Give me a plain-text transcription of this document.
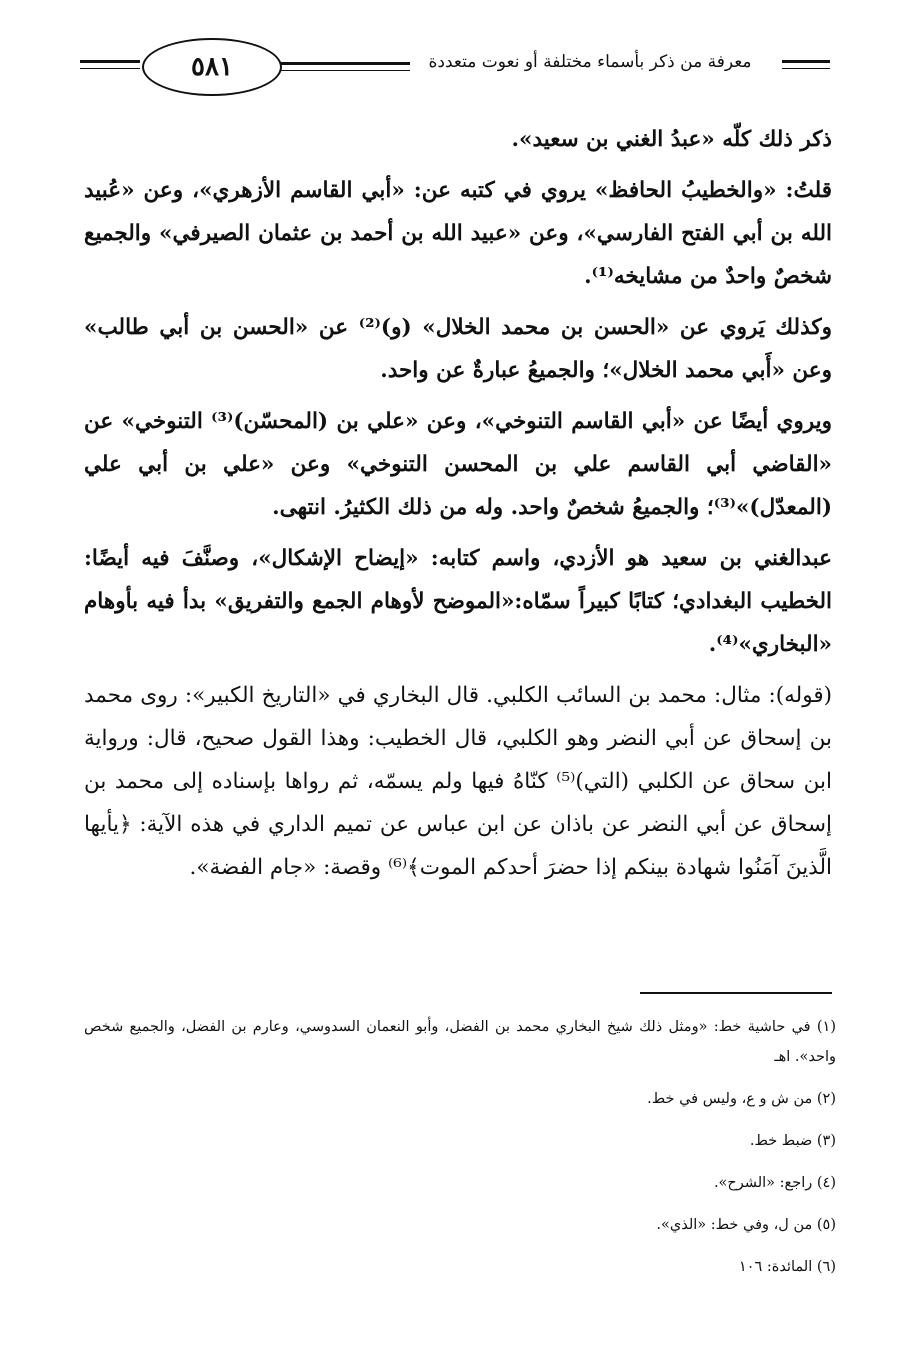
٥٨١	معرفة من ذكر بأسماء مختلفة أو نعوت متعددة

ذكر ذلك كلّه «عبدُ الغني بن سعيد».

قلتُ: «والخطيبُ الحافظ» يروي في كتبه عن: «أبي القاسم الأزهري»، وعن «عُبيد الله بن أبي الفتح الفارسي»، وعن «عبيد الله بن أحمد بن عثمان الصيرفي» والجميع شخصٌ واحدٌ من مشايخه⁽¹⁾.

وكذلك يَروي عن «الحسن بن محمد الخلال» (و)⁽²⁾ عن «الحسن بن أبي طالب» وعن «أَبي محمد الخلال»؛ والجميعُ عبارةٌ عن واحد.

ويروي أيضًا عن «أبي القاسم التنوخي»، وعن «علي بن (المحسّن)⁽³⁾ التنوخي» عن «القاضي أبي القاسم علي بن المحسن التنوخي» وعن «علي بن أبي علي (المعدّل)»⁽³⁾؛ والجميعُ شخصٌ واحد. وله من ذلك الكثيرُ. انتهى.

عبدالغني بن سعيد هو الأزدي، واسم كتابه: «إيضاح الإشكال»، وصنَّفَ فيه أيضًا: الخطيب البغدادي؛ كتابًا كبيراً سمّاه:«الموضح لأوهام الجمع والتفريق» بدأ فيه بأوهام «البخاري»⁽⁴⁾.

(قوله): مثال: محمد بن السائب الكلبي. قال البخاري في «التاريخ الكبير»: روى محمد بن إسحاق عن أبي النضر وهو الكلبي، قال الخطيب: وهذا القول صحيح، قال: ورواية ابن سحاق عن الكلبي (التي)⁽⁵⁾ كنّاهُ فيها ولم يسمّه، ثم رواها بإسناده إلى محمد بن إسحاق عن أبي النضر عن باذان عن ابن عباس عن تميم الداري في هذه الآية: ﴿يأيها الَّذينَ آمَنُوا شهادة بينكم إذا حضرَ أحدكم الموت﴾⁽⁶⁾ وقصة: «جام الفضة».

(١) في حاشية خط: «ومثل ذلك شيخ البخاري محمد بن الفضل، وأبو النعمان السدوسي، وعارم بن الفضل، والجميع شخص واحد». اهـ

(٢) من ش و ع، وليس في خط.

(٣) ضبط خط.

(٤) راجع: «الشرح».

(٥) من ل، وفي خط: «الذي».

(٦) المائدة: ١٠٦
